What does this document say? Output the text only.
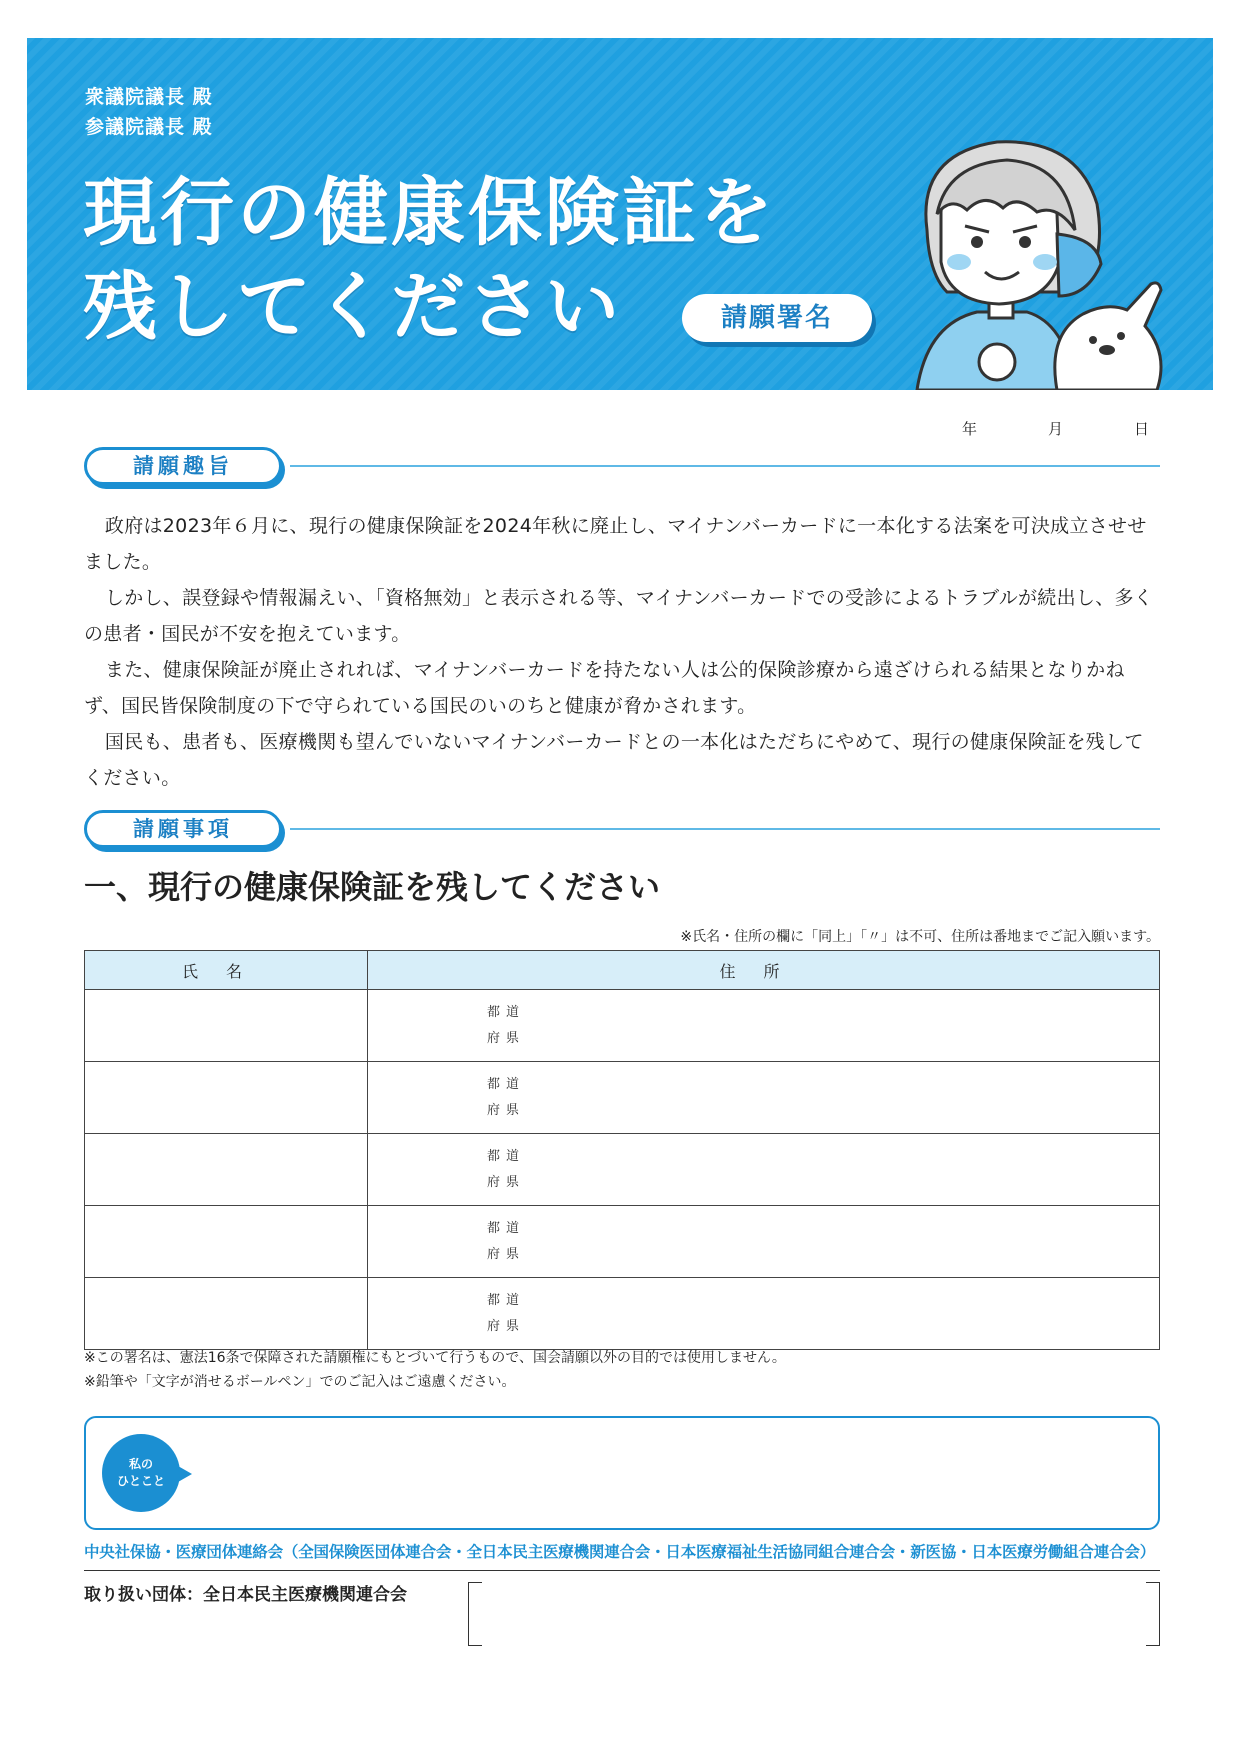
衆議院議長 殿
参議院議長 殿
現行の健康保険証を
残してください	請願署名
年	月	日
請願趣旨

政府は2023年６月に、現行の健康保険証を2024年秋に廃止し、マイナンバーカードに一本化する法案を可決成立させせました。

しかし、誤登録や情報漏えい、「資格無効」と表示される等、マイナンバーカードでの受診によるトラブルが続出し、多くの患者・国民が不安を抱えています。

また、健康保険証が廃止されれば、マイナンバーカードを持たない人は公的保険診療から遠ざけられる結果となりかねず、国民皆保険制度の下で守られている国民のいのちと健康が脅かされます。

国民も、患者も、医療機関も望んでいないマイナンバーカードとの一本化はただちにやめて、現行の健康保険証を残してください。

請願事項
一、現行の健康保険証を残してください
※氏名・住所の欄に「同上」「〃」は不可、住所は番地までご記入願います。
氏名	住所
	都道
府県
	都道
府県
	都道
府県
	都道
府県
	都道
府県
※この署名は、憲法16条で保障された請願権にもとづいて行うもので、国会請願以外の目的では使用しません。
※鉛筆や「文字が消せるボールペン」でのご記入はご遠慮ください。
私の
ひとこと
中央社保協・医療団体連絡会（全国保険医団体連合会・全日本民主医療機関連合会・日本医療福祉生活協同組合連合会・新医協・日本医療労働組合連合会）
取り扱い団体：全日本民主医療機関連合会
